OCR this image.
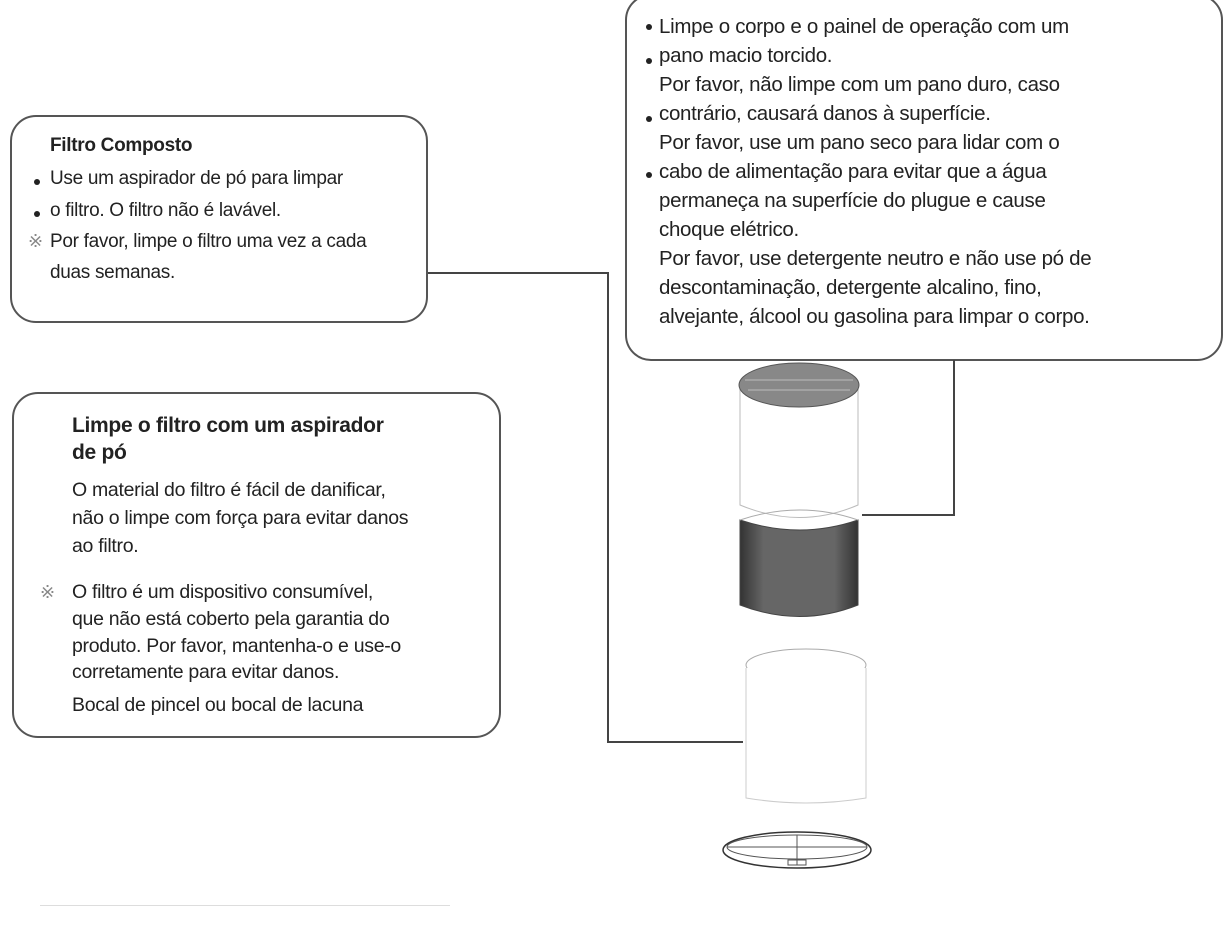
Filtro Composto
Use um aspirador de pó para limpar
o filtro. O filtro não é lavável.
※ Por favor, limpe o filtro uma vez a cada
duas semanas.
Limpe o corpo e o painel de operação com um
pano macio torcido.
Por favor, não limpe com um pano duro, caso
contrário, causará danos à superfície.
Por favor, use um pano seco para lidar com o
cabo de alimentação para evitar que a água
permaneça na superfície do plugue e cause
choque elétrico.
Por favor, use detergente neutro e não use pó de
descontaminação, detergente alcalino, fino,
alvejante, álcool ou gasolina para limpar o corpo.
Limpe o filtro com um aspirador
de pó
O material do filtro é fácil de danificar,
não o limpe com força para evitar danos
ao filtro.
※ O filtro é um dispositivo consumível,
que não está coberto pela garantia do
produto. Por favor, mantenha-o e use-o
corretamente para evitar danos.
Bocal de pincel ou bocal de lacuna
